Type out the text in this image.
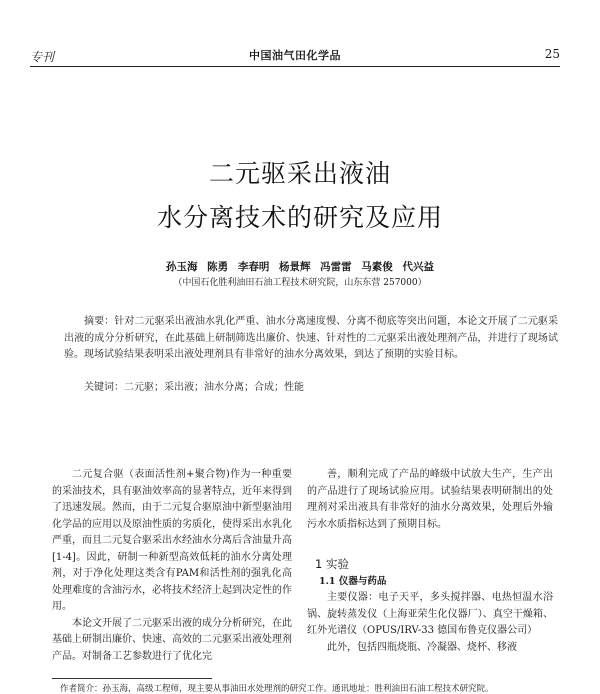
专刊	中国油气田化学品	25
二元驱采出液油
水分离技术的研究及应用
孙玉海 陈勇 李春明 杨景辉 冯雷雷 马素俊 代兴益
（中国石化胜利油田石油工程技术研究院，山东东营 257000）
摘要：针对二元驱采出液油水乳化严重、油水分离速度慢、分离不彻底等突出问题，本论文开展了二元驱采出液的成分分析研究，在此基础上研制筛选出廉价、快速、针对性的二元驱采出液处理剂产品，并进行了现场试验。现场试验结果表明采出液处理剂具有非常好的油水分离效果，到达了预期的实验目标。
关键词：二元驱；采出液；油水分离；合成；性能

二元复合驱（表面活性剂+聚合物)作为一种重要的采油技术，具有驱油效率高的显著特点，近年来得到了迅速发展。然而，由于二元复合驱原油中新型驱油用化学品的应用以及原油性质的劣质化，使得采出水乳化严重，而且二元复合驱采出水经油水分离后含油量升高[1-4]。因此，研制一种新型高效低耗的油水分离处理剂，对于净化处理这类含有PAM和活性剂的强乳化高处理难度的含油污水，必将技术经济上起到决定性的作用。

本论文开展了二元驱采出液的成分分析研究，在此基础上研制出廉价、快速、高效的二元驱采出液处理剂产品。对制备工艺参数进行了优化完

善，顺利完成了产品的峰级中试放大生产，生产出的产品进行了现场试验应用。试验结果表明研制出的处理剂对采出液具有非常好的油水分离效果，处理后外输污水水质指标达到了预期目标。

1 实验
1.1 仪器与药品

主要仪器：电子天平，多头搅拌器、电热恒温水浴锅、旋转蒸发仪（上海亚荣生化仪器厂）、真空干燥箱、红外光谱仪（OPUS/IRV-33 德国布鲁克仪器公司）

此外，包括四瓶烧瓶、冷凝器、烧杯、移液

作者简介：孙玉海，高级工程师，现主要从事油田水处理剂的研究工作。通讯地址：胜利油田石油工程技术研究院。
